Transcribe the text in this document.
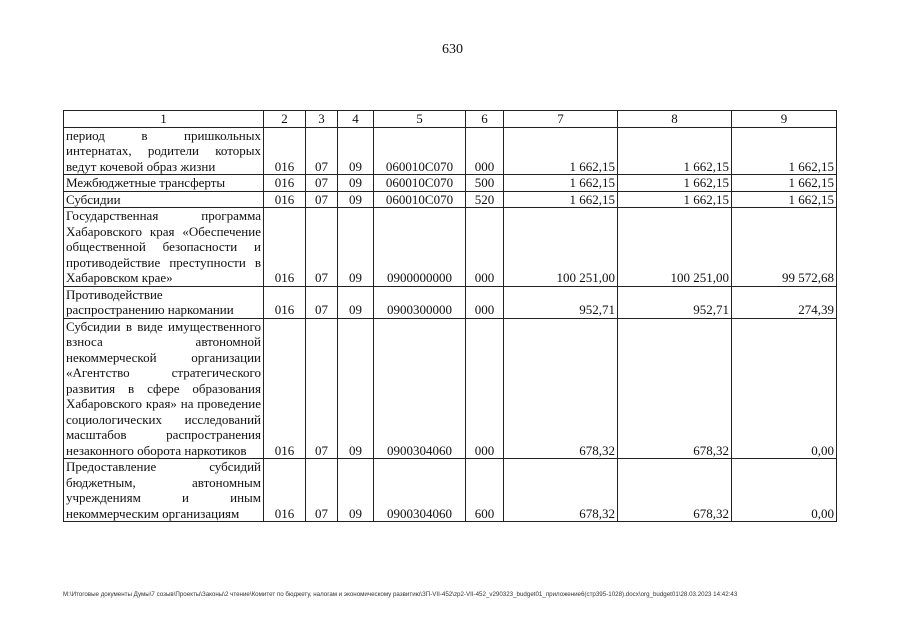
630
1	2	3	4	5	6	7	8	9
период в пришкольных интернатах, родители которых ведут кочевой образ жизни	016	07	09	060010С070	000	1 662,15	1 662,15	1 662,15
Межбюджетные трансферты	016	07	09	060010С070	500	1 662,15	1 662,15	1 662,15
Субсидии	016	07	09	060010С070	520	1 662,15	1 662,15	1 662,15
Государственная программа Хабаровского края «Обеспечение общественной безопасности и противодействие преступности в Хабаровском крае»	016	07	09	0900000000	000	100 251,00	100 251,00	99 572,68
Противодействие распространению наркомании	016	07	09	0900300000	000	952,71	952,71	274,39
Субсидии в виде имущественного взноса автономной некоммерческой организации «Агентство стратегического развития в сфере образования Хабаровского края» на проведение социологических исследований масштабов распространения незаконного оборота наркотиков	016	07	09	0900304060	000	678,32	678,32	0,00
Предоставление субсидий бюджетным, автономным учреждениям и иным некоммерческим организациям	016	07	09	0900304060	600	678,32	678,32	0,00
M:\Итоговые документы Думы\7 созыв\Проекты\Законы\2 чтение\Комитет по бюджету, налогам и экономическому развитию\ЗП-VII-452\zp2-VII-452_v290323_budget01_приложение6(стр395-1028).docx\org_budget01\28.03.2023 14:42:43
